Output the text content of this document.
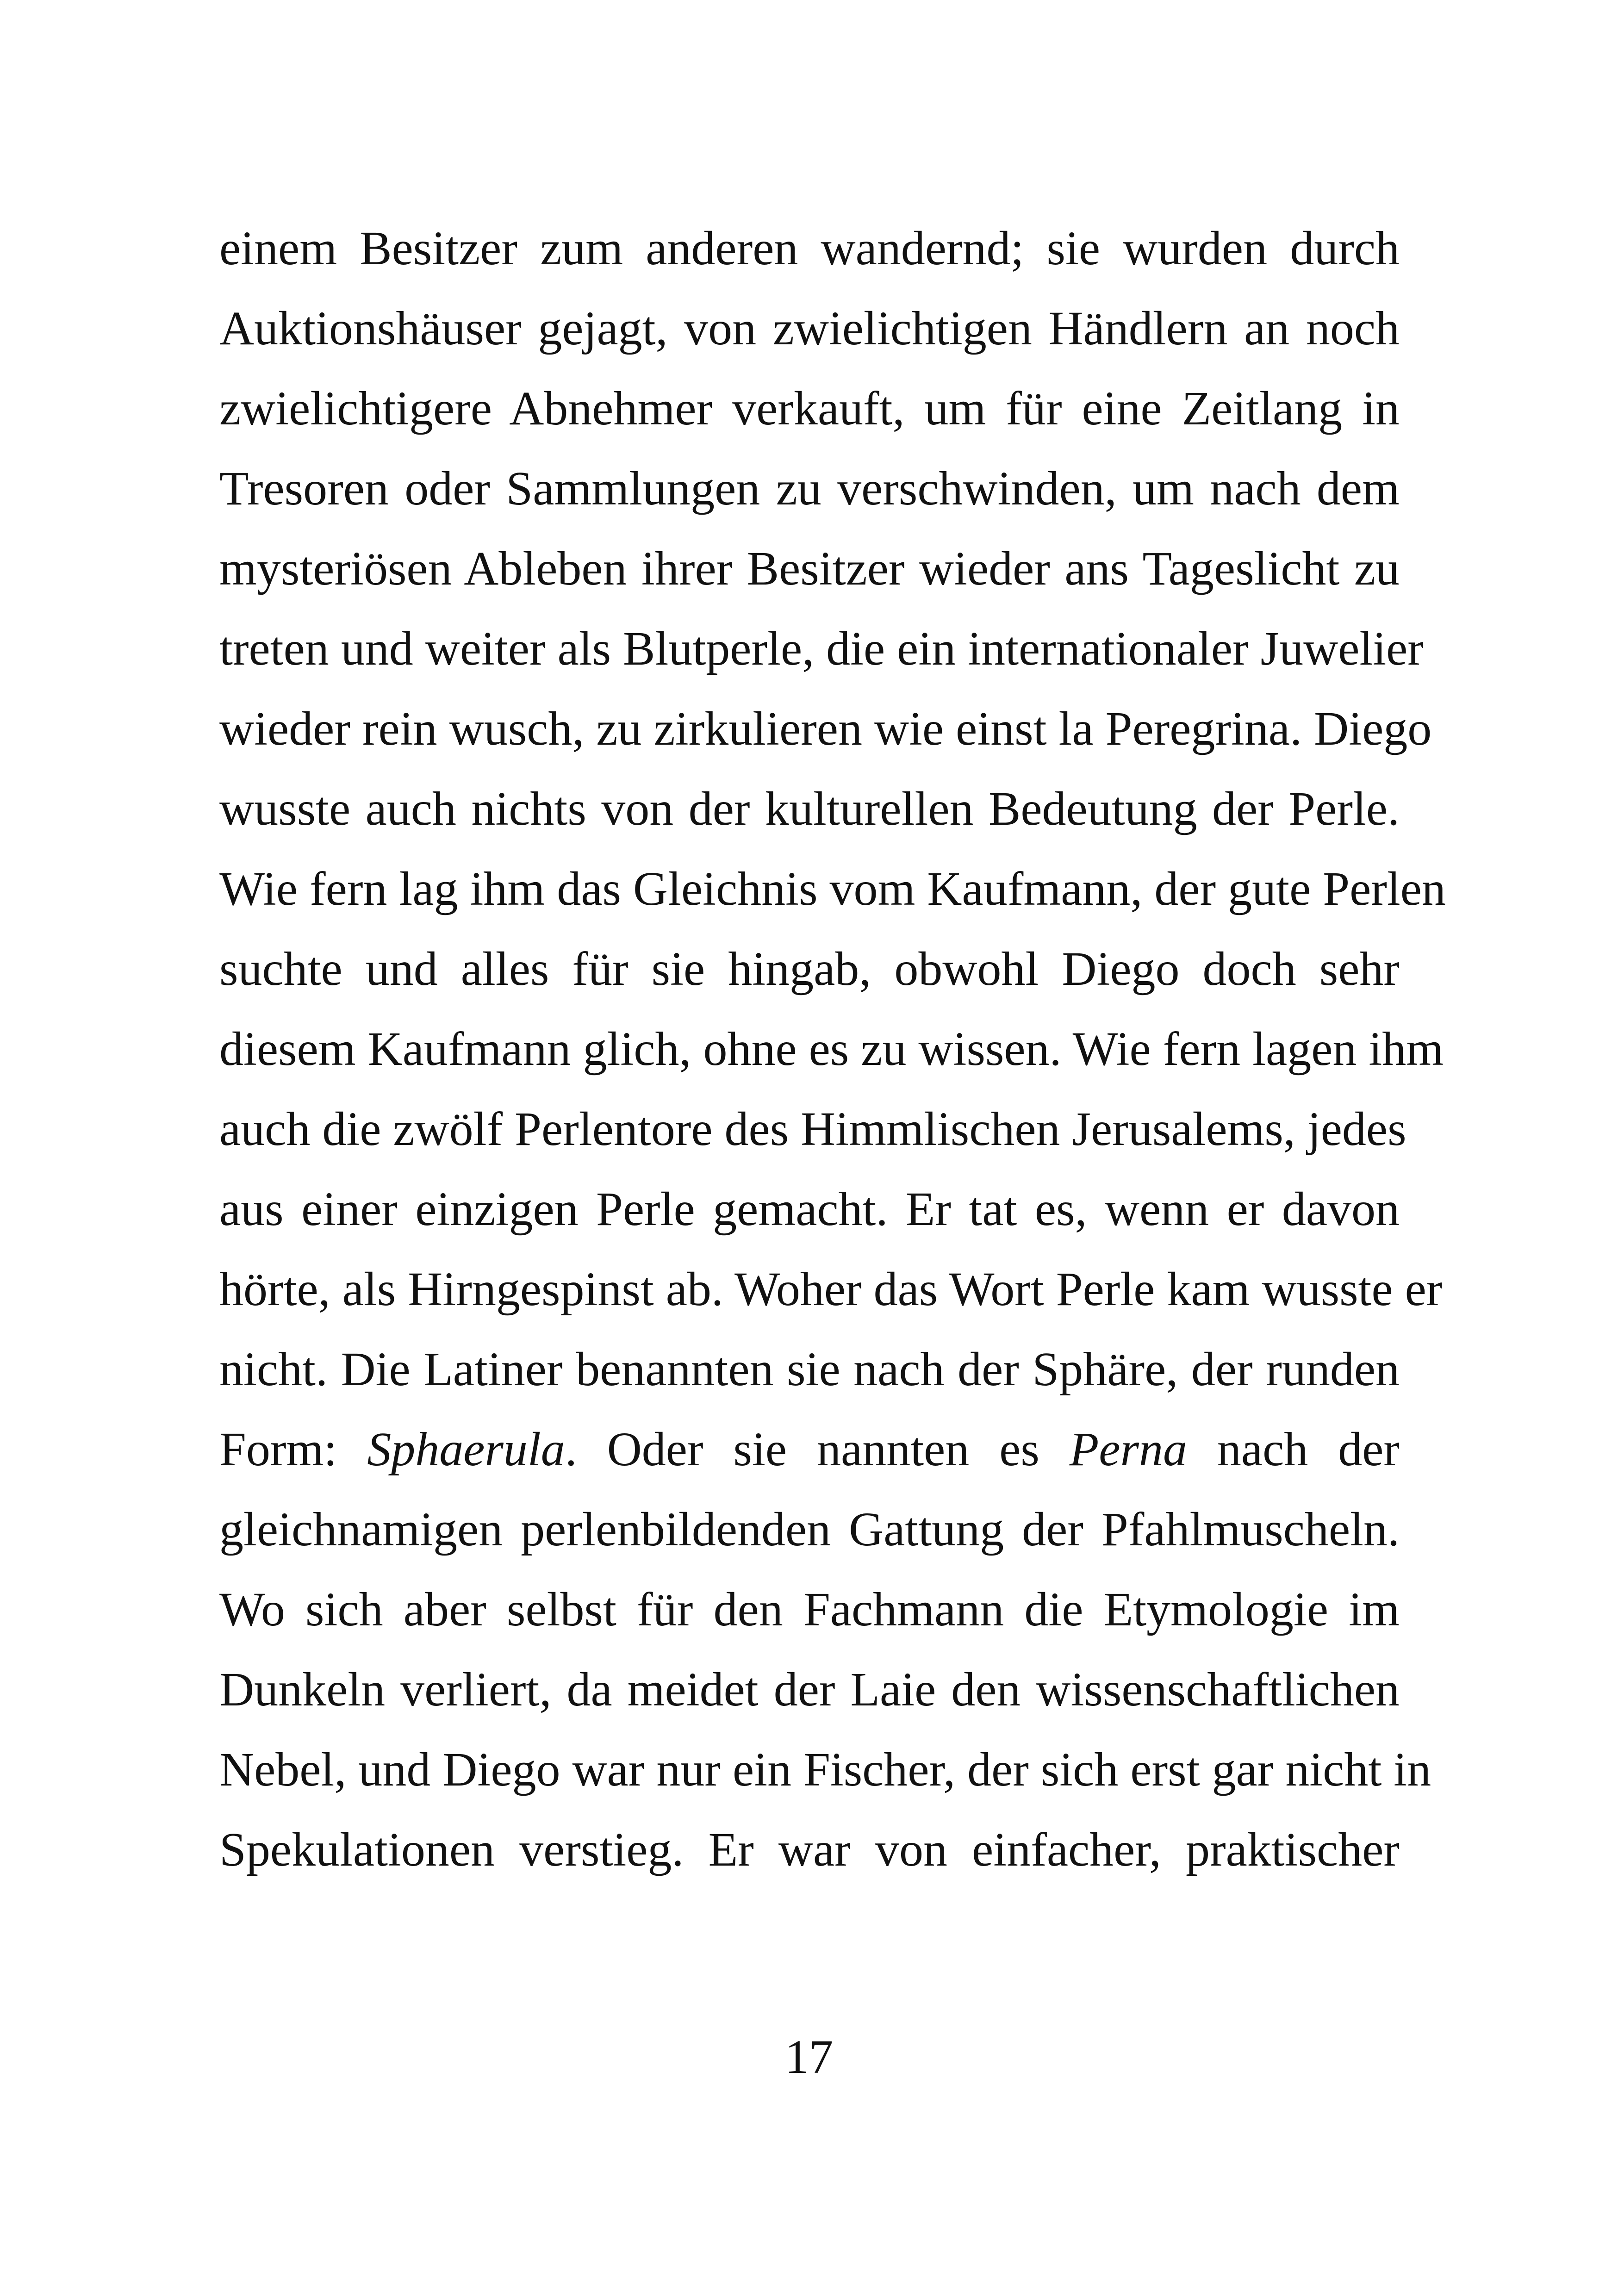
einem Besitzer zum anderen wandernd; sie wurden durch
Auktionshäuser gejagt, von zwielichtigen Händlern an noch
zwielichtigere Abnehmer verkauft, um für eine Zeitlang in
Tresoren oder Sammlungen zu verschwinden, um nach dem
mysteriösen Ableben ihrer Besitzer wieder ans Tageslicht zu
treten und weiter als Blutperle, die ein internationaler Juwelier
wieder rein wusch, zu zirkulieren wie einst la Peregrina. Diego
wusste auch nichts von der kulturellen Bedeutung der Perle.
Wie fern lag ihm das Gleichnis vom Kaufmann, der gute Perlen
suchte und alles für sie hingab, obwohl Diego doch sehr
diesem Kaufmann glich, ohne es zu wissen. Wie fern lagen ihm
auch die zwölf Perlentore des Himmlischen Jerusalems, jedes
aus einer einzigen Perle gemacht. Er tat es, wenn er davon
hörte, als Hirngespinst ab. Woher das Wort Perle kam wusste er
nicht. Die Latiner benannten sie nach der Sphäre, der runden
Form: Sphaerula. Oder sie nannten es Perna nach der
gleichnamigen perlenbildenden Gattung der Pfahlmuscheln.
Wo sich aber selbst für den Fachmann die Etymologie im
Dunkeln verliert, da meidet der Laie den wissenschaftlichen
Nebel, und Diego war nur ein Fischer, der sich erst gar nicht in
Spekulationen verstieg. Er war von einfacher, praktischer
17
